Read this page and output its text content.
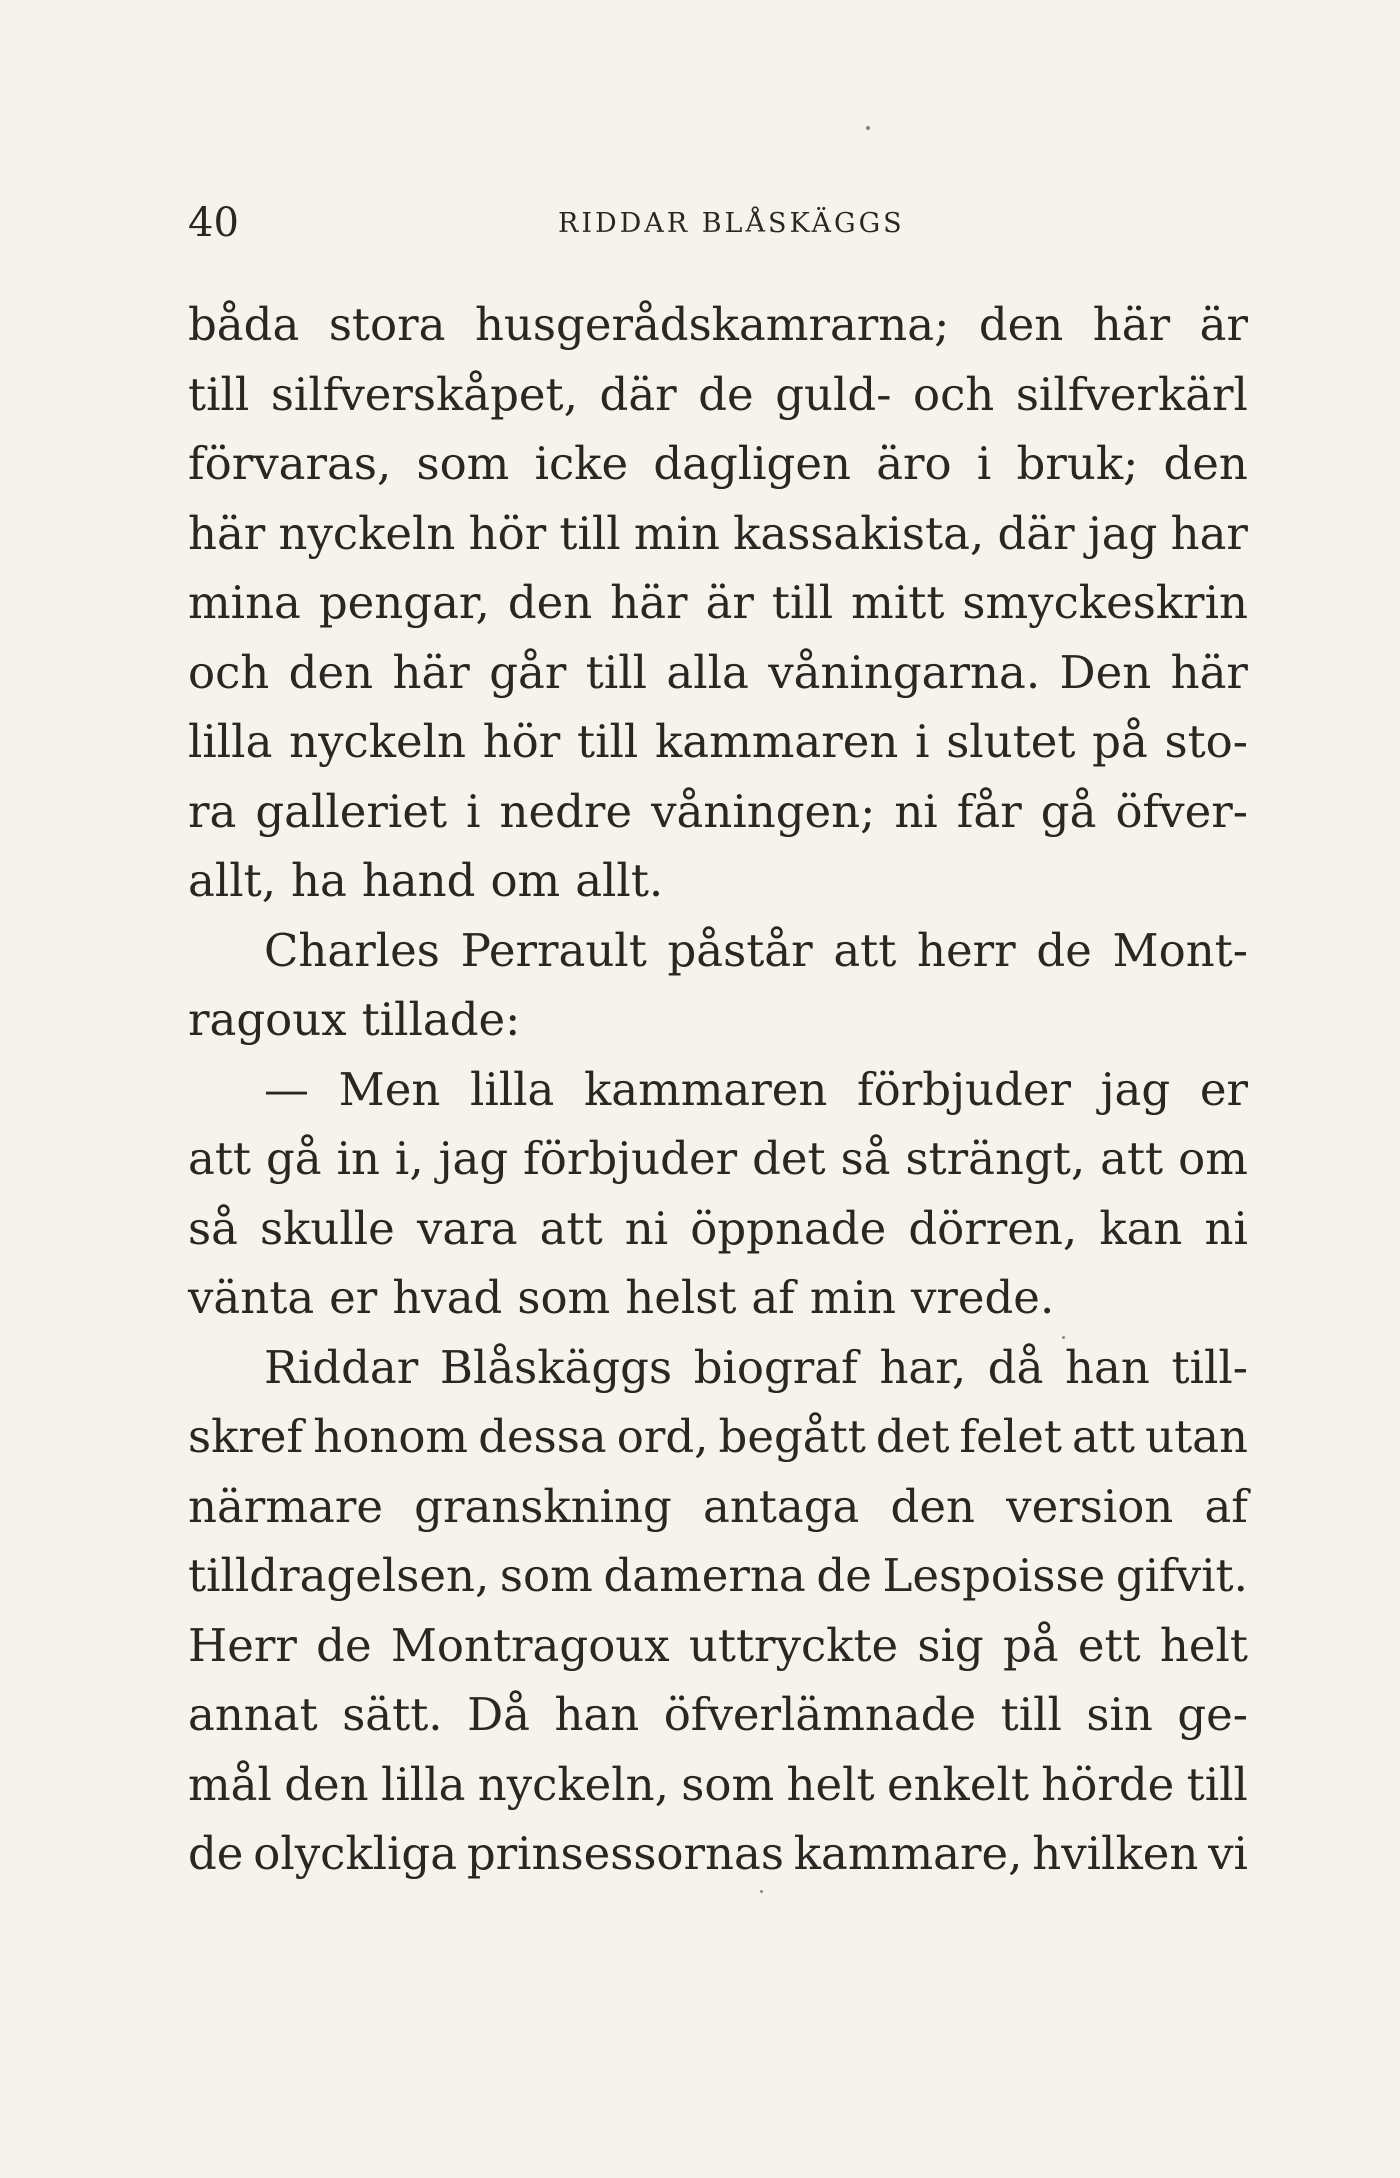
40	RIDDAR BLÅSKÄGGS
båda stora husgerådskamrarna; den här är
till silfverskåpet, där de guld- och silfverkärl
förvaras, som icke dagligen äro i bruk; den
här nyckeln hör till min kassakista, där jag har
mina pengar, den här är till mitt smyckeskrin
och den här går till alla våningarna. Den här
lilla nyckeln hör till kammaren i slutet på sto-
ra galleriet i nedre våningen; ni får gå öfver-
allt, ha hand om allt.
Charles Perrault påstår att herr de Mont-
ragoux tillade:
— Men lilla kammaren förbjuder jag er
att gå in i, jag förbjuder det så strängt, att om
så skulle vara att ni öppnade dörren, kan ni
vänta er hvad som helst af min vrede.
Riddar Blåskäggs biograf har, då han till-
skref honom dessa ord, begått det felet att utan
närmare granskning antaga den version af
tilldragelsen, som damerna de Lespoisse gifvit.
Herr de Montragoux uttryckte sig på ett helt
annat sätt. Då han öfverlämnade till sin ge-
mål den lilla nyckeln, som helt enkelt hörde till
de olyckliga prinsessornas kammare, hvilken vi
